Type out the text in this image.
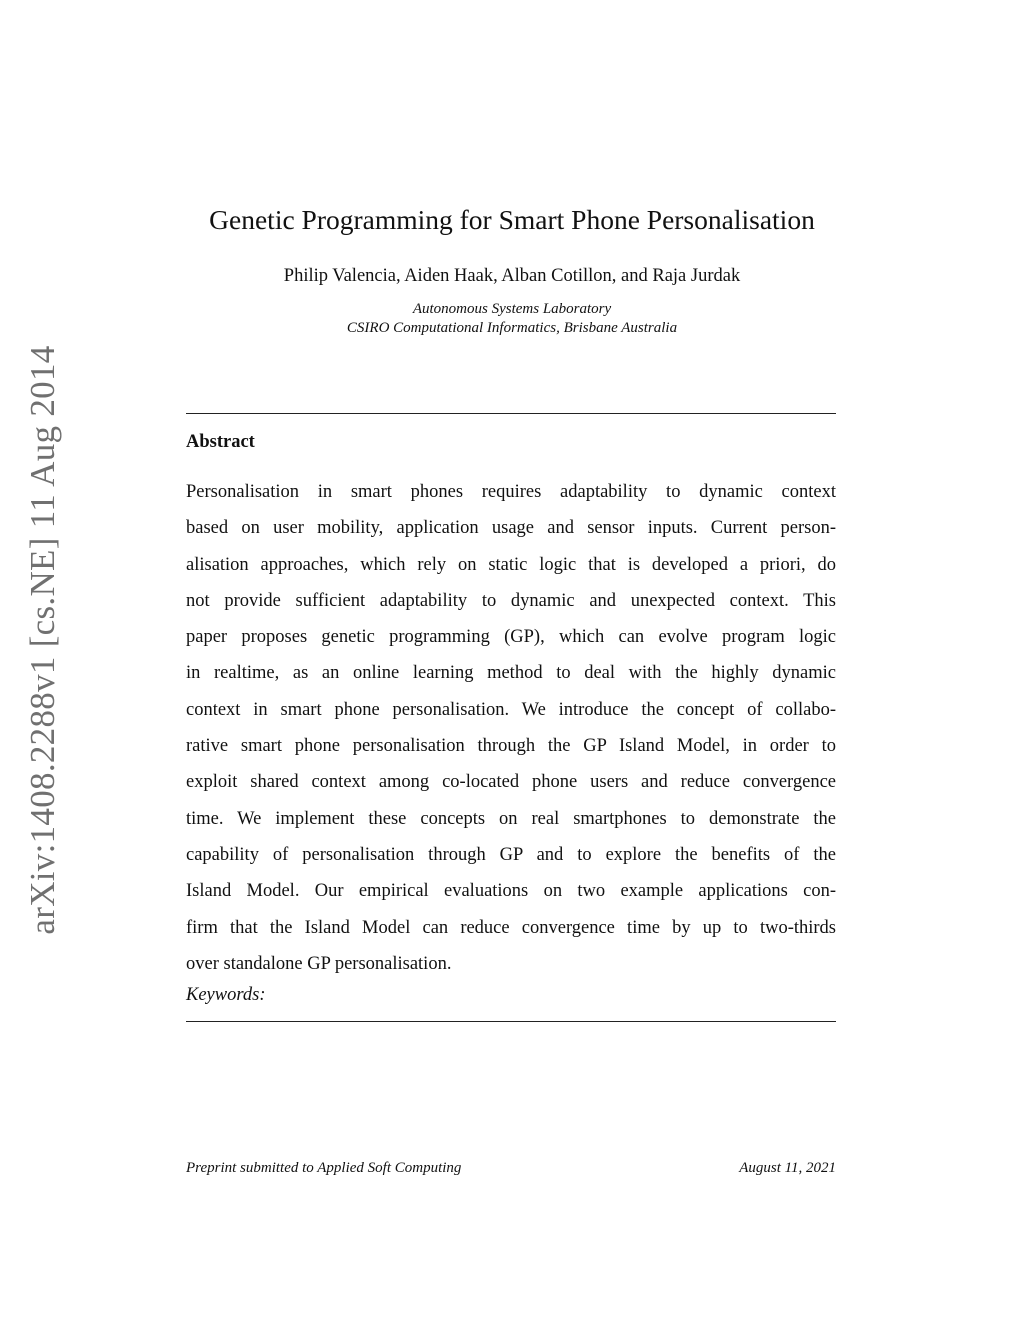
arXiv:1408.2288v1 [cs.NE] 11 Aug 2014
Genetic Programming for Smart Phone Personalisation
Philip Valencia, Aiden Haak, Alban Cotillon, and Raja Jurdak
Autonomous Systems Laboratory
CSIRO Computational Informatics, Brisbane Australia
Abstract
Personalisation in smart phones requires adaptability to dynamic context
based on user mobility, application usage and sensor inputs. Current person-
alisation approaches, which rely on static logic that is developed a priori, do
not provide sufficient adaptability to dynamic and unexpected context. This
paper proposes genetic programming (GP), which can evolve program logic
in realtime, as an online learning method to deal with the highly dynamic
context in smart phone personalisation. We introduce the concept of collabo-
rative smart phone personalisation through the GP Island Model, in order to
exploit shared context among co-located phone users and reduce convergence
time. We implement these concepts on real smartphones to demonstrate the
capability of personalisation through GP and to explore the benefits of the
Island Model. Our empirical evaluations on two example applications con-
firm that the Island Model can reduce convergence time by up to two-thirds
over standalone GP personalisation.
Keywords:
Preprint submitted to Applied Soft Computing	August 11, 2021
